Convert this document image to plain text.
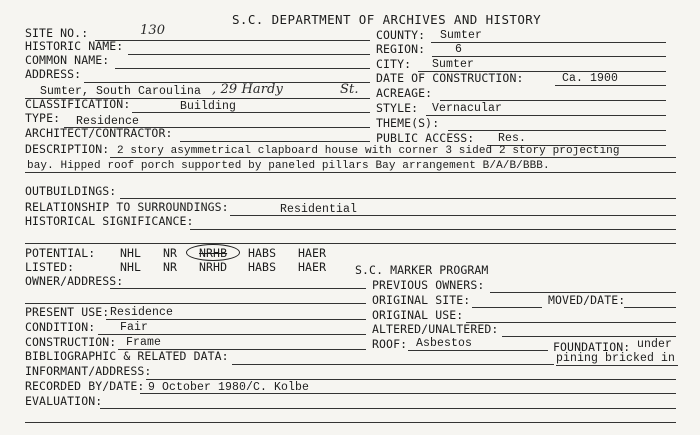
S.C. DEPARTMENT OF ARCHIVES AND HISTORY
SITE NO.:	130
HISTORIC NAME:
COMMON NAME:
ADDRESS:
Sumter, South Caroulina , 29 Hardy	St.
CLASSIFICATION:	Building
TYPE: Residence
ARCHITECT/CONTRACTOR:
COUNTY: Sumter
REGION:	6
CITY: Sumter
DATE OF CONSTRUCTION:	Ca. 1900
ACREAGE:
STYLE: Vernacular
THEME(S):
PUBLIC ACCESS: Res.
DESCRIPTION: 2 story asymmetrical clapboard house with corner 3 sided 2 story projecting
bay. Hipped roof porch supported by paneled pillars Bay arrangement B/A/B/BBB.
OUTBUILDINGS:
RELATIONSHIP TO SURROUNDINGS:	Residential
HISTORICAL SIGNIFICANCE:
POTENTIAL: NHL NR NRHB HABS HAER
LISTED:	NHL NR NRHD HABS HAER	S.C. MARKER PROGRAM
OWNER/ADDRESS:	PREVIOUS OWNERS:
ORIGINAL SITE:	MOVED/DATE:
ORIGINAL USE:
ALTERED/UNALTERED:
ROOF: Asbestos	FOUNDATION: under
pining bricked in
PRESENT USE: Residence
CONDITION: Fair
CONSTRUCTION: Frame
BIBLIOGRAPHIC & RELATED DATA:
INFORMANT/ADDRESS:
RECORDED BY/DATE: 9 October 1980/C. Kolbe
EVALUATION:
